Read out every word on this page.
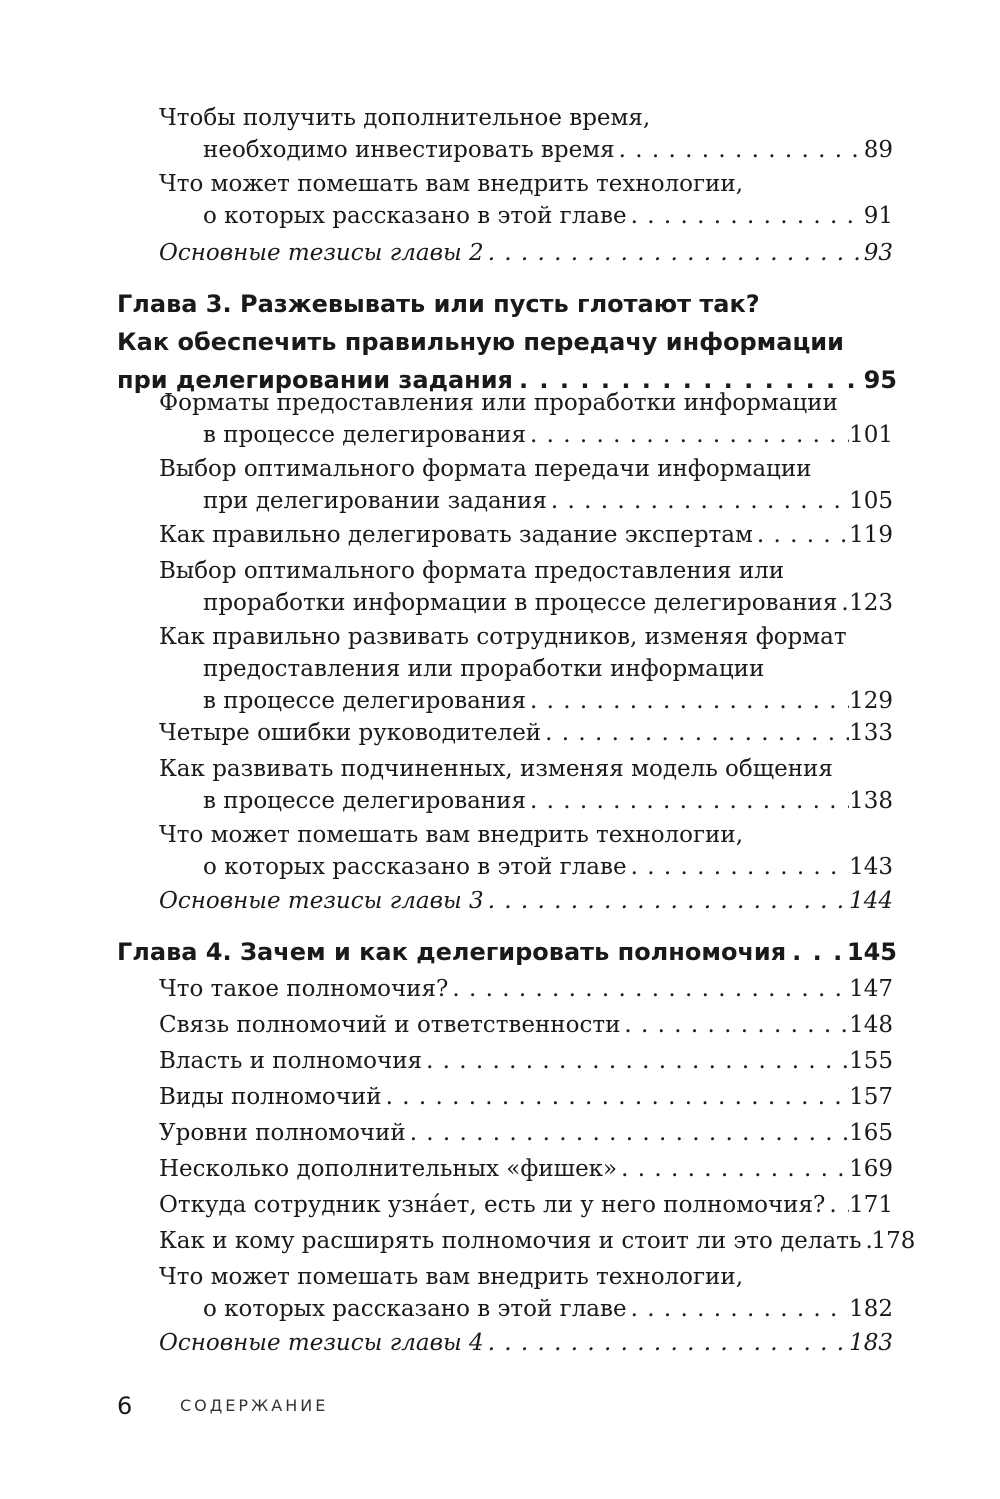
Чтобы получить дополнительное время,
необходимо инвестировать время . . .	89
Что может помешать вам внедрить технологии,
о которых рассказано в этой главе . . .	91
Основные тезисы главы 2 . . .	93
Глава 3. Разжевывать или пусть глотают так?
Как обеспечить правильную передачу информации
при делегировании задания . . .	95
Форматы предоставления или проработки информации
в процессе делегирования . . .	101
Выбор оптимального формата передачи информации
при делегировании задания . . .	105
Как правильно делегировать задание экспертам . . .	119
Выбор оптимального формата предоставления или
проработки информации в процессе делегирования . . . 123
Как правильно развивать сотрудников, изменяя формат
предоставления или проработки информации
в процессе делегирования . . .	129
Четыре ошибки руководителей . . .	133
Как развивать подчиненных, изменяя модель общения
в процессе делегирования . . .	138
Что может помешать вам внедрить технологии,
о которых рассказано в этой главе . . .	143
Основные тезисы главы 3 . . .	144
Глава 4. Зачем и как делегировать полномочия . . .	145
Что такое полномочия? . . .	147
Связь полномочий и ответственности . . .	148
Власть и полномочия . . .	155
Виды полномочий . . .	157
Уровни полномочий . . .	165
Несколько дополнительных «фишек» . . .	169
Откуда сотрудник узнáет, есть ли у него полномочия? . . . 171
Как и кому расширять полномочия и стоит ли это делать . . . 178
Что может помешать вам внедрить технологии,
о которых рассказано в этой главе . . .	182
Основные тезисы главы 4 . . .	183
6	СОДЕРЖАНИЕ
